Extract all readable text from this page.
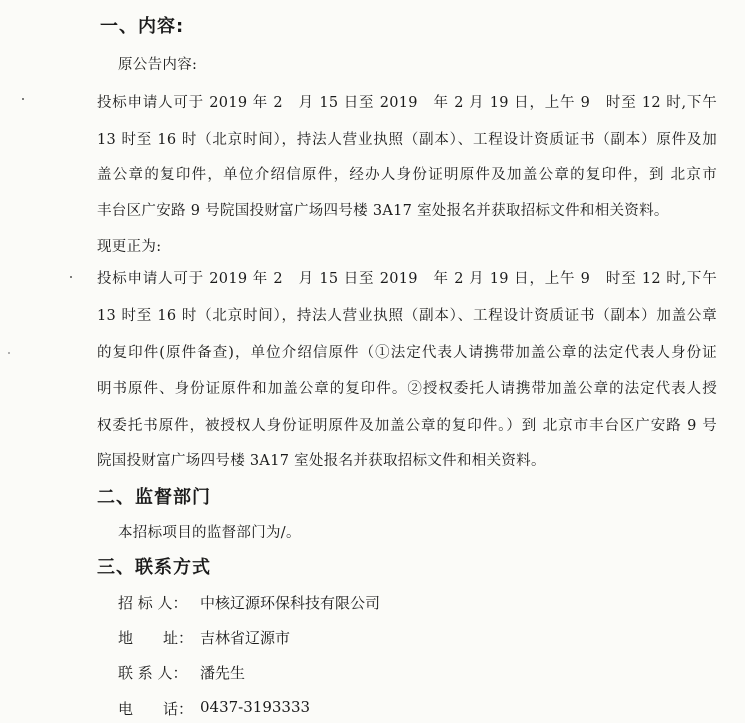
一、内容:
原公告内容:
投标申请人可于 2019 年 2　月 15 日至 2019　年 2 月 19 日，上午 9　时至 12 时,下午
13 时至 16 时（北京时间），持法人营业执照（副本）、工程设计资质证书（副本）原件及加
盖公章的复印件，单位介绍信原件，经办人身份证明原件及加盖公章的复印件，到 北京市
丰台区广安路 9 号院国投财富广场四号楼 3A17 室处报名并获取招标文件和相关资料。
现更正为:
投标申请人可于 2019 年 2　月 15 日至 2019　年 2 月 19 日，上午 9　时至 12 时,下午
13 时至 16 时（北京时间），持法人营业执照（副本）、工程设计资质证书（副本）加盖公章
的复印件(原件备查)，单位介绍信原件（①法定代表人请携带加盖公章的法定代表人身份证
明书原件、身份证原件和加盖公章的复印件。②授权委托人请携带加盖公章的法定代表人授
权委托书原件，被授权人身份证明原件及加盖公章的复印件。）到 北京市丰台区广安路 9 号
院国投财富广场四号楼 3A17 室处报名并获取招标文件和相关资料。
二、监督部门
本招标项目的监督部门为/。
三、联系方式
招 标 人： 中核辽源环保科技有限公司
地　　址： 吉林省辽源市
联 系 人： 潘先生
电　　话： 0437-3193333
